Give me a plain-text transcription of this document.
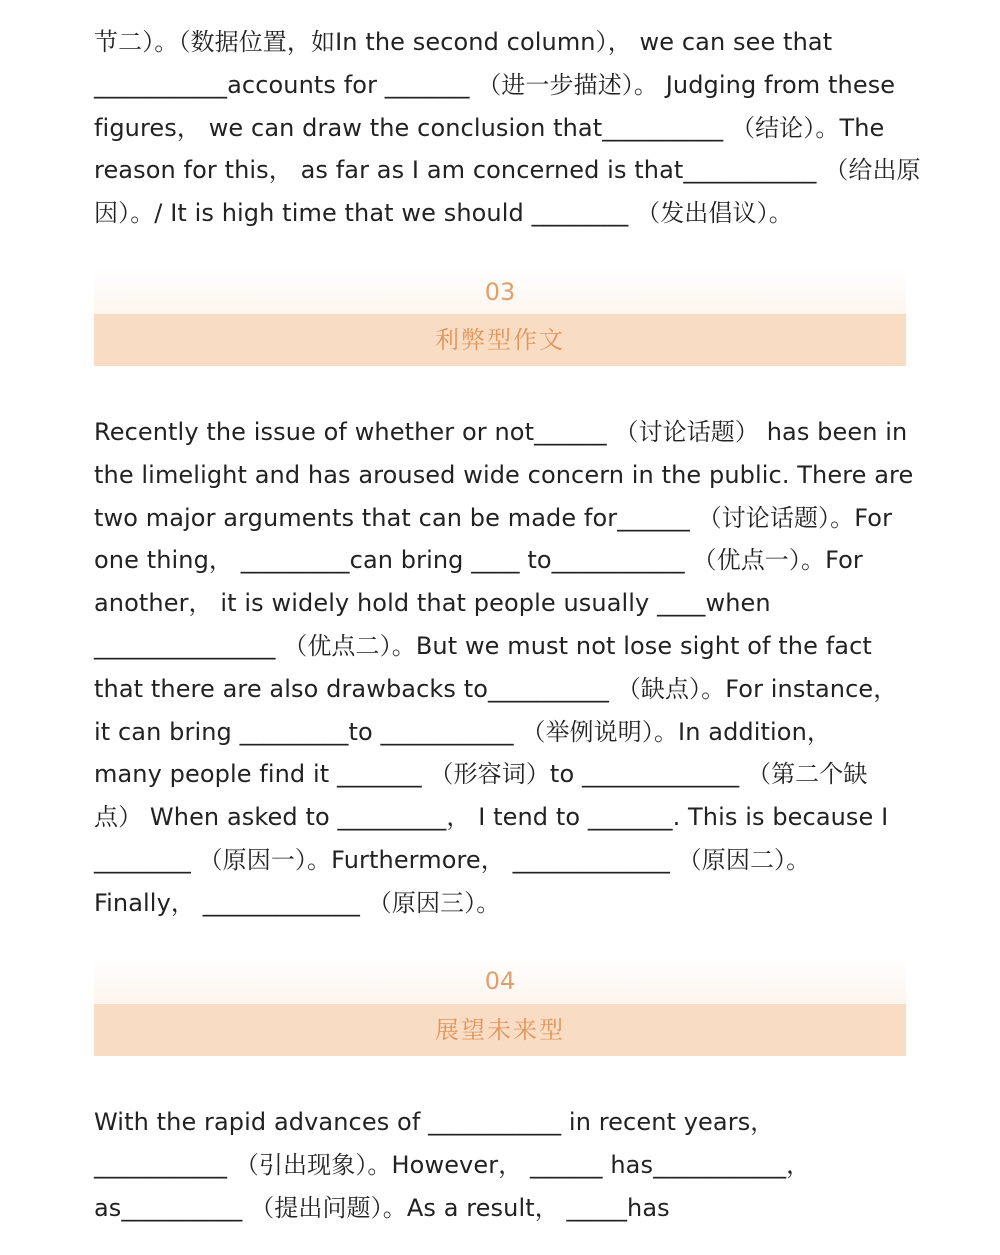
节二）。（数据位置，如In the second column）， we can see that

___________accounts for _______ （进一步描述）。 Judging from these

figures， we can draw the conclusion that__________ （结论）。The

reason for this， as far as I am concerned is that___________ （给出原

因）。/ It is high time that we should ________ （发出倡议）。

03
利弊型作文

Recently the issue of whether or not______ （讨论话题） has been in

the limelight and has aroused wide concern in the public. There are

two major arguments that can be made for______ （讨论话题）。For

one thing， _________can bring ____ to___________ （优点一）。For

another， it is widely hold that people usually ____when

_______________ （优点二）。But we must not lose sight of the fact

that there are also drawbacks to__________ （缺点）。For instance，

it can bring _________to ___________ （举例说明）。In addition，

many people find it _______ （形容词）to _____________ （第二个缺

点） When asked to _________， I tend to _______. This is because I

________ （原因一）。Furthermore， _____________ （原因二）。

Finally， _____________ （原因三）。

04
展望未来型

With the rapid advances of ___________ in recent years，

___________ （引出现象）。However， ______ has___________，

as__________ （提出问题）。As a result， _____has
